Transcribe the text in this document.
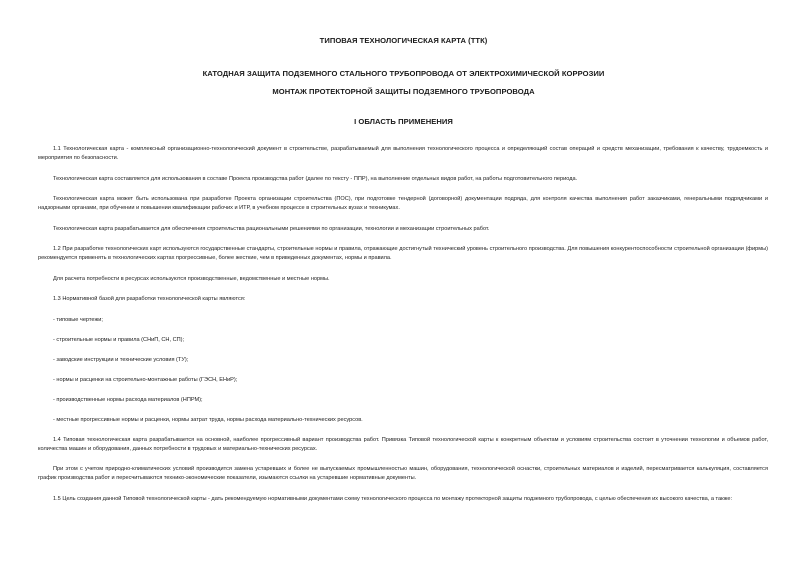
ТИПОВАЯ ТЕХНОЛОГИЧЕСКАЯ КАРТА (ТТК)
КАТОДНАЯ ЗАЩИТА ПОДЗЕМНОГО СТАЛЬНОГО ТРУБОПРОВОДА ОТ ЭЛЕКТРОХИМИЧЕСКОЙ КОРРОЗИИ
МОНТАЖ ПРОТЕКТОРНОЙ ЗАЩИТЫ ПОДЗЕМНОГО ТРУБОПРОВОДА
I ОБЛАСТЬ ПРИМЕНЕНИЯ

1.1 Технологическая карта - комплексный организационно-технологический документ в строительстве, разрабатываемый для выполнения технологического процесса и определяющий состав операций и средств механизации, требования к качеству, трудоемкость и мероприятия по безопасности.

Технологическая карта составляется для использования в составе Проекта производства работ (далее по тексту - ППР), на выполнение отдельных видов работ, на работы подготовительного периода.

Технологическая карта может быть использована при разработке Проекта организации строительства (ПОС), при подготовке тендерной (договорной) документации подряда, для контроля качества выполнения работ заказчиками, генеральными подрядчиками и надзорными органами, при обучении и повышении квалификации рабочих и ИТР, в учебном процессе в строительных вузах и техникумах.

Технологическая карта разрабатывается для обеспечения строительства рациональными решениями по организации, технологии и механизации строительных работ.

1.2 При разработке технологических карт используются государственные стандарты, строительные нормы и правила, отражающие достигнутый технический уровень строительного производства. Для повышения конкурентоспособности строительной организации (фирмы) рекомендуется применять в технологических картах прогрессивные, более жесткие, чем в приведенных документах, нормы и правила.

Для расчета потребности в ресурсах используются производственные, ведомственные и местные нормы.

1.3 Нормативной базой для разработки технологической карты являются:

- типовые чертежи;

- строительные нормы и правила (СНиП, СН, СП);

- заводские инструкции и технические условия (ТУ);

- нормы и расценки на строительно-монтажные работы (ГЭСН, ЕНиР);

- производственные нормы расхода материалов (НПРМ);

- местные прогрессивные нормы и расценки, нормы затрат труда, нормы расхода материально-технических ресурсов.

1.4 Типовая технологическая карта разрабатывается на основной, наиболее прогрессивный вариант производства работ. Привязка Типовой технологической карты к конкретным объектам и условиям строительства состоит в уточнении технологии и объемов работ, количества машин и оборудования, данных потребности в трудовых и материально-технических ресурсах.

При этом с учетом природно-климатических условий производится замена устаревших и более не выпускаемых промышленностью машин, оборудования, технологической оснастки, строительных материалов и изделий, пересматривается калькуляция, составляется график производства работ и пересчитываются технико-экономические показатели, изымаются ссылки на устаревшие нормативные документы.

1.5 Цель создания данной Типовой технологической карты - дать рекомендуемую нормативными документами схему технологического процесса по монтажу протекторной защиты подземного трубопровода, с целью обеспечения их высокого качества, а также:
